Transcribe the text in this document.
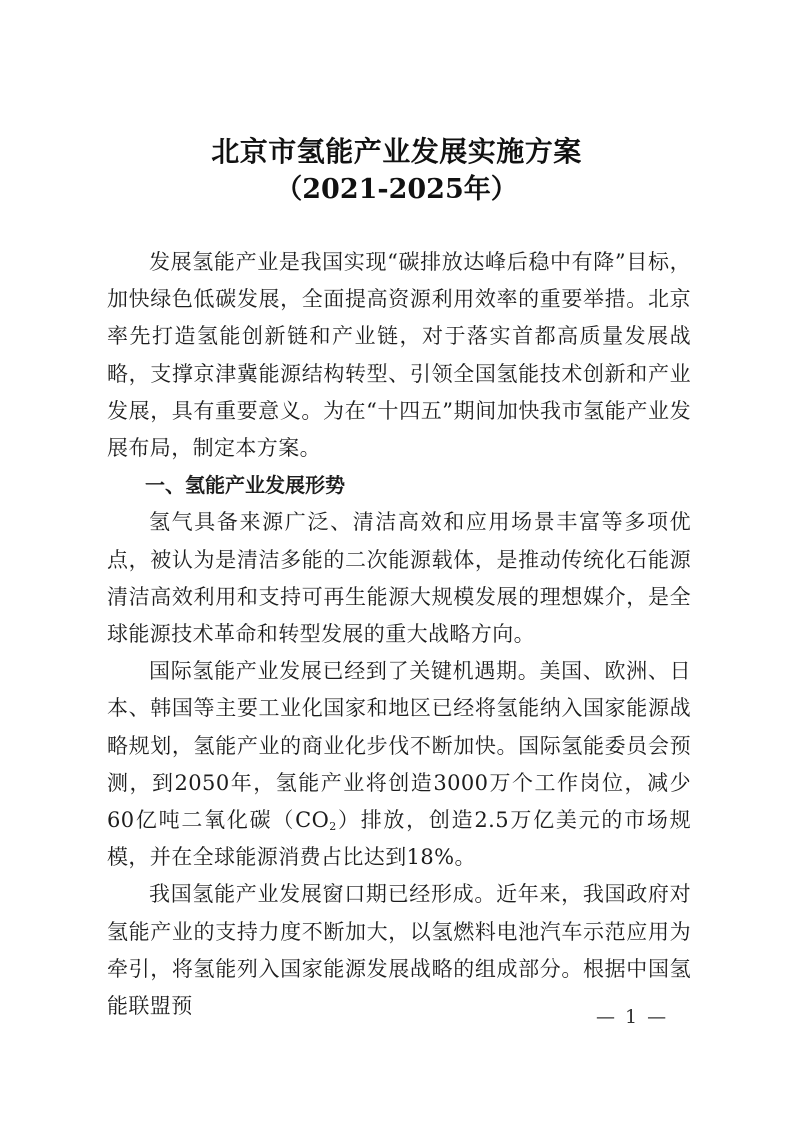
北京市氢能产业发展实施方案
（2021-2025年）

发展氢能产业是我国实现“碳排放达峰后稳中有降”目标，加快绿色低碳发展，全面提高资源利用效率的重要举措。北京率先打造氢能创新链和产业链，对于落实首都高质量发展战略，支撑京津冀能源结构转型、引领全国氢能技术创新和产业发展，具有重要意义。为在“十四五”期间加快我市氢能产业发展布局，制定本方案。

一、氢能产业发展形势

氢气具备来源广泛、清洁高效和应用场景丰富等多项优点，被认为是清洁多能的二次能源载体，是推动传统化石能源清洁高效利用和支持可再生能源大规模发展的理想媒介，是全球能源技术革命和转型发展的重大战略方向。

国际氢能产业发展已经到了关键机遇期。美国、欧洲、日本、韩国等主要工业化国家和地区已经将氢能纳入国家能源战略规划，氢能产业的商业化步伐不断加快。国际氢能委员会预测，到2050年，氢能产业将创造3000万个工作岗位，减少60亿吨二氧化碳$(CO_2)$排放，创造2.5万亿美元的市场规模，并在全球能源消费占比达到18%。

我国氢能产业发展窗口期已经形成。近年来，我国政府对氢能产业的支持力度不断加大，以氢燃料电池汽车示范应用为牵引，将氢能列入国家能源发展战略的组成部分。根据中国氢能联盟预	— 1 —
